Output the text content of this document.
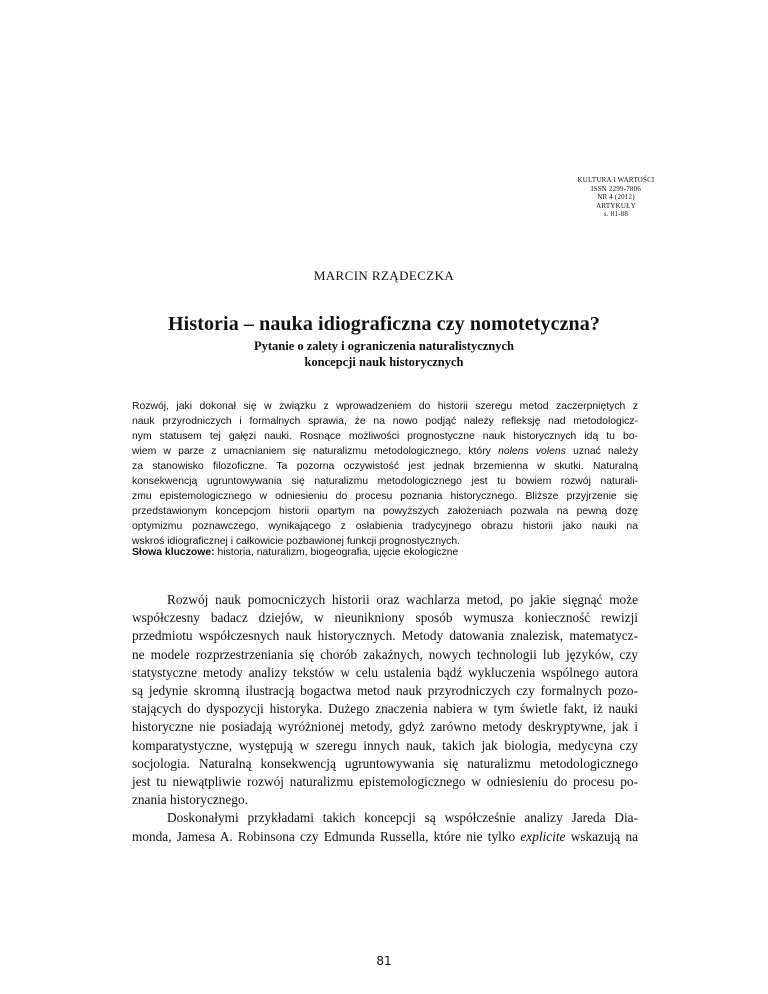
KULTURA I WARTOŚCI
ISSN 2299-7806
NR 4 (2012)
ARTYKUŁY
s. 81-88
MARCIN RZĄDECZKA
Historia – nauka idiograficzna czy nomotetyczna?
Pytanie o zalety i ograniczenia naturalistycznych
koncepcji nauk historycznych
Rozwój, jaki dokonał się w związku z wprowadzeniem do historii szeregu metod zaczerpniętych z
nauk przyrodniczych i formalnych sprawia, że na nowo podjąć należy refleksję nad metodologicz-
nym statusem tej gałęzi nauki. Rosnące możliwości prognostyczne nauk historycznych idą tu bo-
wiem w parze z umacnianiem się naturalizmu metodologicznego, który nolens volens uznać należy
za stanowisko filozoficzne. Ta pozorna oczywistość jest jednak brzemienna w skutki. Naturalną
konsekwencją ugruntowywania się naturalizmu metodologicznego jest tu bowiem rozwój naturali-
zmu epistemologicznego w odniesieniu do procesu poznania historycznego. Bliższe przyjrzenie się
przedstawionym koncepcjom historii opartym na powyższych założeniach pozwala na pewną dozę
optymizmu poznawczego, wynikającego z osłabienia tradycyjnego obrazu historii jako nauki na
wskroś idiograficznej i całkowicie pozbawionej funkcji prognostycznych.
Słowa kluczowe: historia, naturalizm, biogeografia, ujęcie ekologiczne
Rozwój nauk pomocniczych historii oraz wachlarza metod, po jakie sięgnąć może
współczesny badacz dziejów, w nieunikniony sposób wymusza konieczność rewizji
przedmiotu współczesnych nauk historycznych. Metody datowania znalezisk, matematycz-
ne modele rozprzestrzeniania się chorób zakaźnych, nowych technologii lub języków, czy
statystyczne metody analizy tekstów w celu ustalenia bądź wykluczenia wspólnego autora
są jedynie skromną ilustracją bogactwa metod nauk przyrodniczych czy formalnych pozo-
stających do dyspozycji historyka. Dużego znaczenia nabiera w tym świetle fakt, iż nauki
historyczne nie posiadają wyróżnionej metody, gdyż zarówno metody deskryptywne, jak i
komparatystyczne, występują w szeregu innych nauk, takich jak biologia, medycyna czy
socjologia. Naturalną konsekwencją ugruntowywania się naturalizmu metodologicznego
jest tu niewątpliwie rozwój naturalizmu epistemologicznego w odniesieniu do procesu po-
znania historycznego.
Doskonałymi przykładami takich koncepcji są współcześnie analizy Jareda Dia-
monda, Jamesa A. Robinsona czy Edmunda Russella, które nie tylko explicite wskazują na
81
